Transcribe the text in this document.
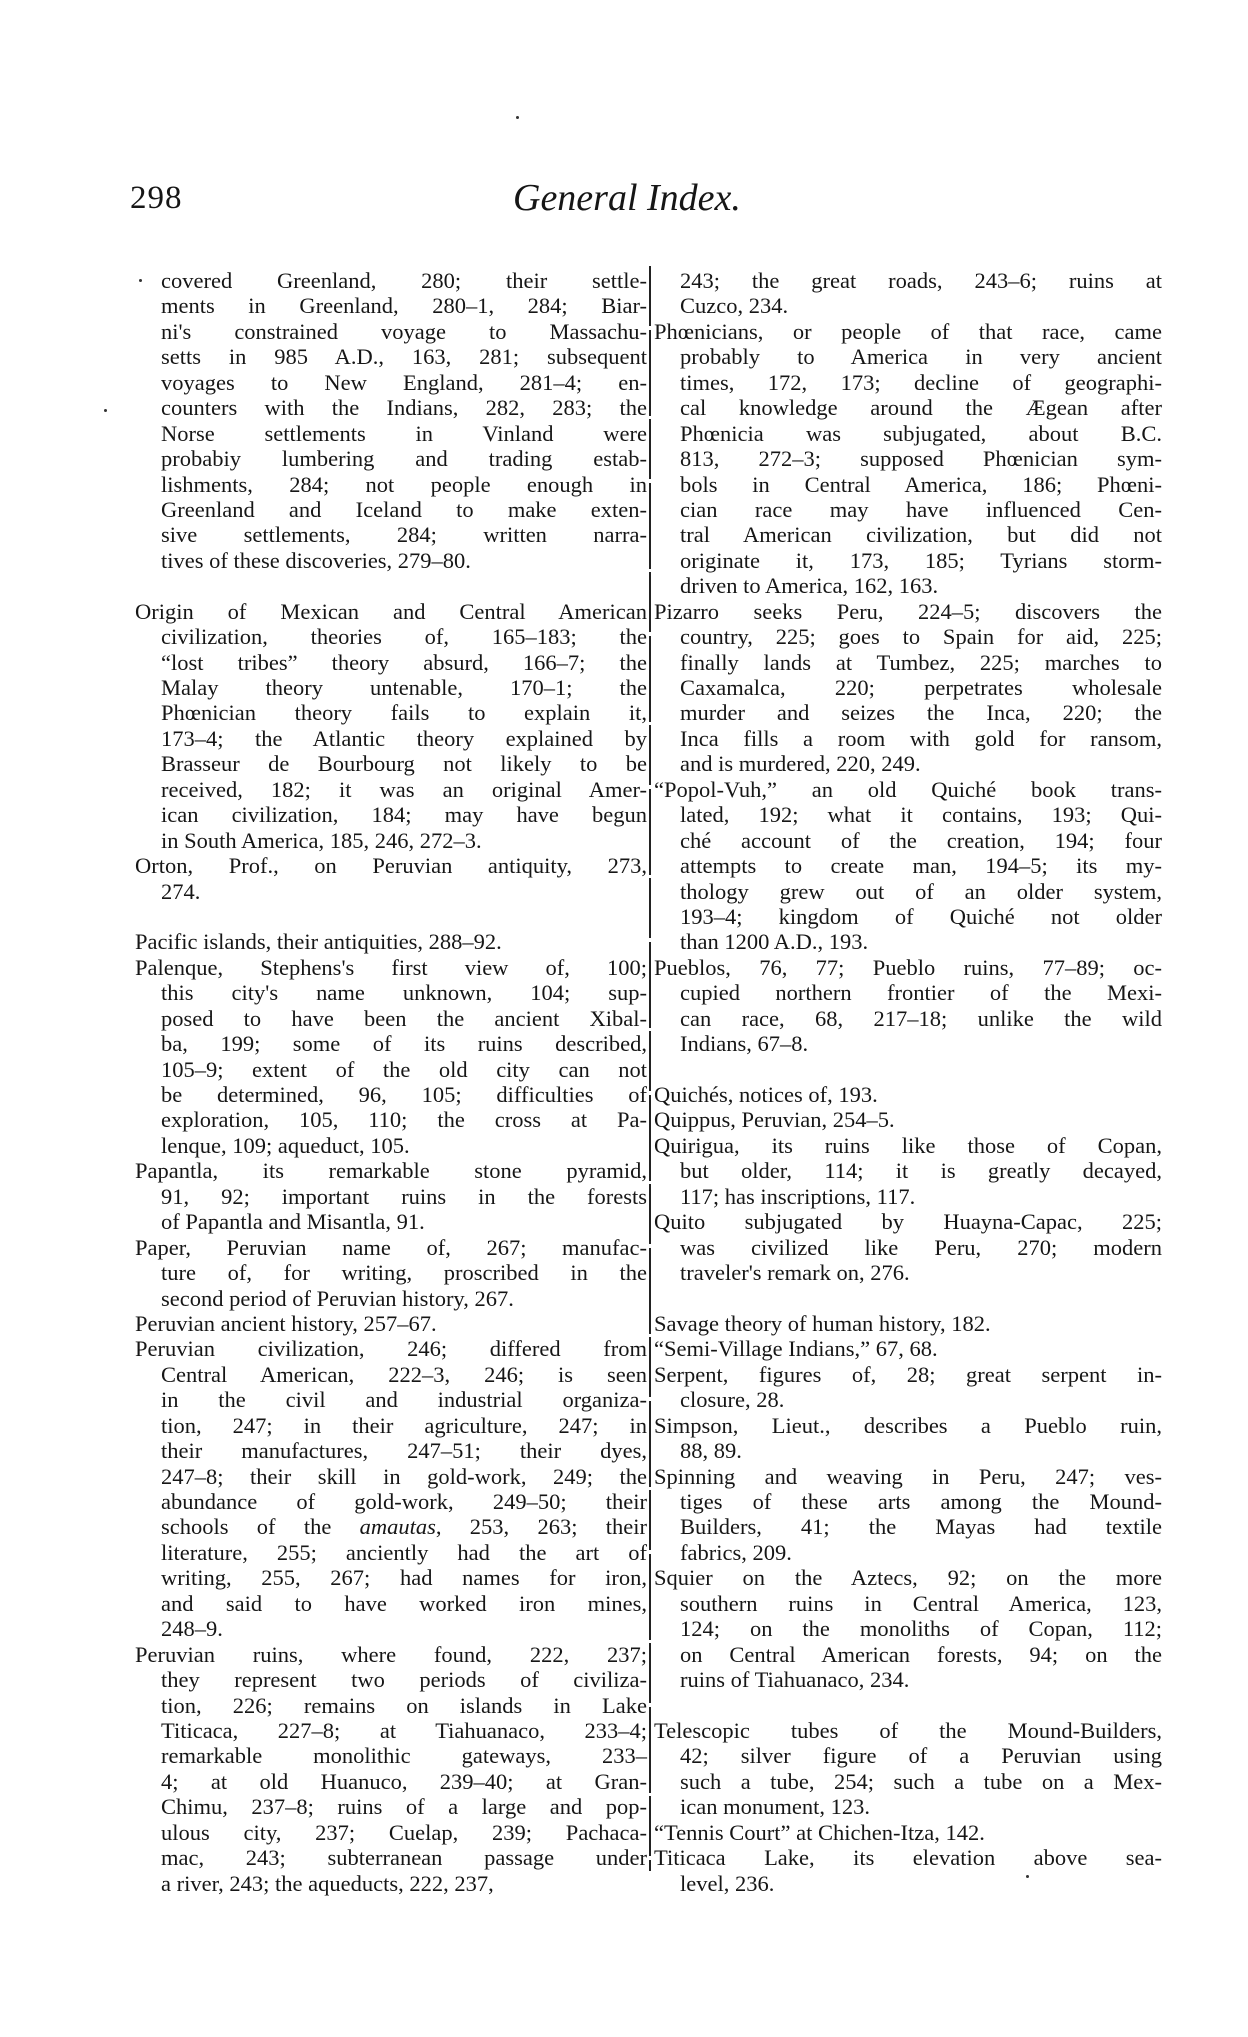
298	General Index.
covered Greenland, 280; their settle-
ments in Greenland, 280–1, 284; Biar-
ni's constrained voyage to Massachu-
setts in 985 A.D., 163, 281; subsequent
voyages to New England, 281–4; en-
counters with the Indians, 282, 283; the
Norse settlements in Vinland were
probabiy lumbering and trading estab-
lishments, 284; not people enough in
Greenland and Iceland to make exten-
sive settlements, 284; written narra-
tives of these discoveries, 279–80.
Origin of Mexican and Central American
civilization, theories of, 165–183; the
“lost tribes” theory absurd, 166–7; the
Malay theory untenable, 170–1; the
Phœnician theory fails to explain it,
173–4; the Atlantic theory explained by
Brasseur de Bourbourg not likely to be
received, 182; it was an original Amer-
ican civilization, 184; may have begun
in South America, 185, 246, 272–3.
Orton, Prof., on Peruvian antiquity, 273,
274.
Pacific islands, their antiquities, 288–92.
Palenque, Stephens's first view of, 100;
this city's name unknown, 104; sup-
posed to have been the ancient Xibal-
ba, 199; some of its ruins described,
105–9; extent of the old city can not
be determined, 96, 105; difficulties of
exploration, 105, 110; the cross at Pa-
lenque, 109; aqueduct, 105.
Papantla, its remarkable stone pyramid,
91, 92; important ruins in the forests
of Papantla and Misantla, 91.
Paper, Peruvian name of, 267; manufac-
ture of, for writing, proscribed in the
second period of Peruvian history, 267.
Peruvian ancient history, 257–67.
Peruvian civilization, 246; differed from
Central American, 222–3, 246; is seen
in the civil and industrial organiza-
tion, 247; in their agriculture, 247; in
their manufactures, 247–51; their dyes,
247–8; their skill in gold-work, 249; the
abundance of gold-work, 249–50; their
schools of the amautas, 253, 263; their
literature, 255; anciently had the art of
writing, 255, 267; had names for iron,
and said to have worked iron mines,
248–9.
Peruvian ruins, where found, 222, 237;
they represent two periods of civiliza-
tion, 226; remains on islands in Lake
Titicaca, 227–8; at Tiahuanaco, 233–4;
remarkable monolithic gateways, 233–
4; at old Huanuco, 239–40; at Gran-
Chimu, 237–8; ruins of a large and pop-
ulous city, 237; Cuelap, 239; Pachaca-
mac, 243; subterranean passage under
a river, 243; the aqueducts, 222, 237,
243; the great roads, 243–6; ruins at
Cuzco, 234.
Phœnicians, or people of that race, came
probably to America in very ancient
times, 172, 173; decline of geographi-
cal knowledge around the Ægean after
Phœnicia was subjugated, about B.C.
813, 272–3; supposed Phœnician sym-
bols in Central America, 186; Phœni-
cian race may have influenced Cen-
tral American civilization, but did not
originate it, 173, 185; Tyrians storm-
driven to America, 162, 163.
Pizarro seeks Peru, 224–5; discovers the
country, 225; goes to Spain for aid, 225;
finally lands at Tumbez, 225; marches to
Caxamalca, 220; perpetrates wholesale
murder and seizes the Inca, 220; the
Inca fills a room with gold for ransom,
and is murdered, 220, 249.
“Popol-Vuh,” an old Quiché book trans-
lated, 192; what it contains, 193; Qui-
ché account of the creation, 194; four
attempts to create man, 194–5; its my-
thology grew out of an older system,
193–4; kingdom of Quiché not older
than 1200 A.D., 193.
Pueblos, 76, 77; Pueblo ruins, 77–89; oc-
cupied northern frontier of the Mexi-
can race, 68, 217–18; unlike the wild
Indians, 67–8.
Quichés, notices of, 193.
Quippus, Peruvian, 254–5.
Quirigua, its ruins like those of Copan,
but older, 114; it is greatly decayed,
117; has inscriptions, 117.
Quito subjugated by Huayna-Capac, 225;
was civilized like Peru, 270; modern
traveler's remark on, 276.
Savage theory of human history, 182.
“Semi-Village Indians,” 67, 68.
Serpent, figures of, 28; great serpent in-
closure, 28.
Simpson, Lieut., describes a Pueblo ruin,
88, 89.
Spinning and weaving in Peru, 247; ves-
tiges of these arts among the Mound-
Builders, 41; the Mayas had textile
fabrics, 209.
Squier on the Aztecs, 92; on the more
southern ruins in Central America, 123,
124; on the monoliths of Copan, 112;
on Central American forests, 94; on the
ruins of Tiahuanaco, 234.
Telescopic tubes of the Mound-Builders,
42; silver figure of a Peruvian using
such a tube, 254; such a tube on a Mex-
ican monument, 123.
“Tennis Court” at Chichen-Itza, 142.
Titicaca Lake, its elevation above sea-
level, 236.
